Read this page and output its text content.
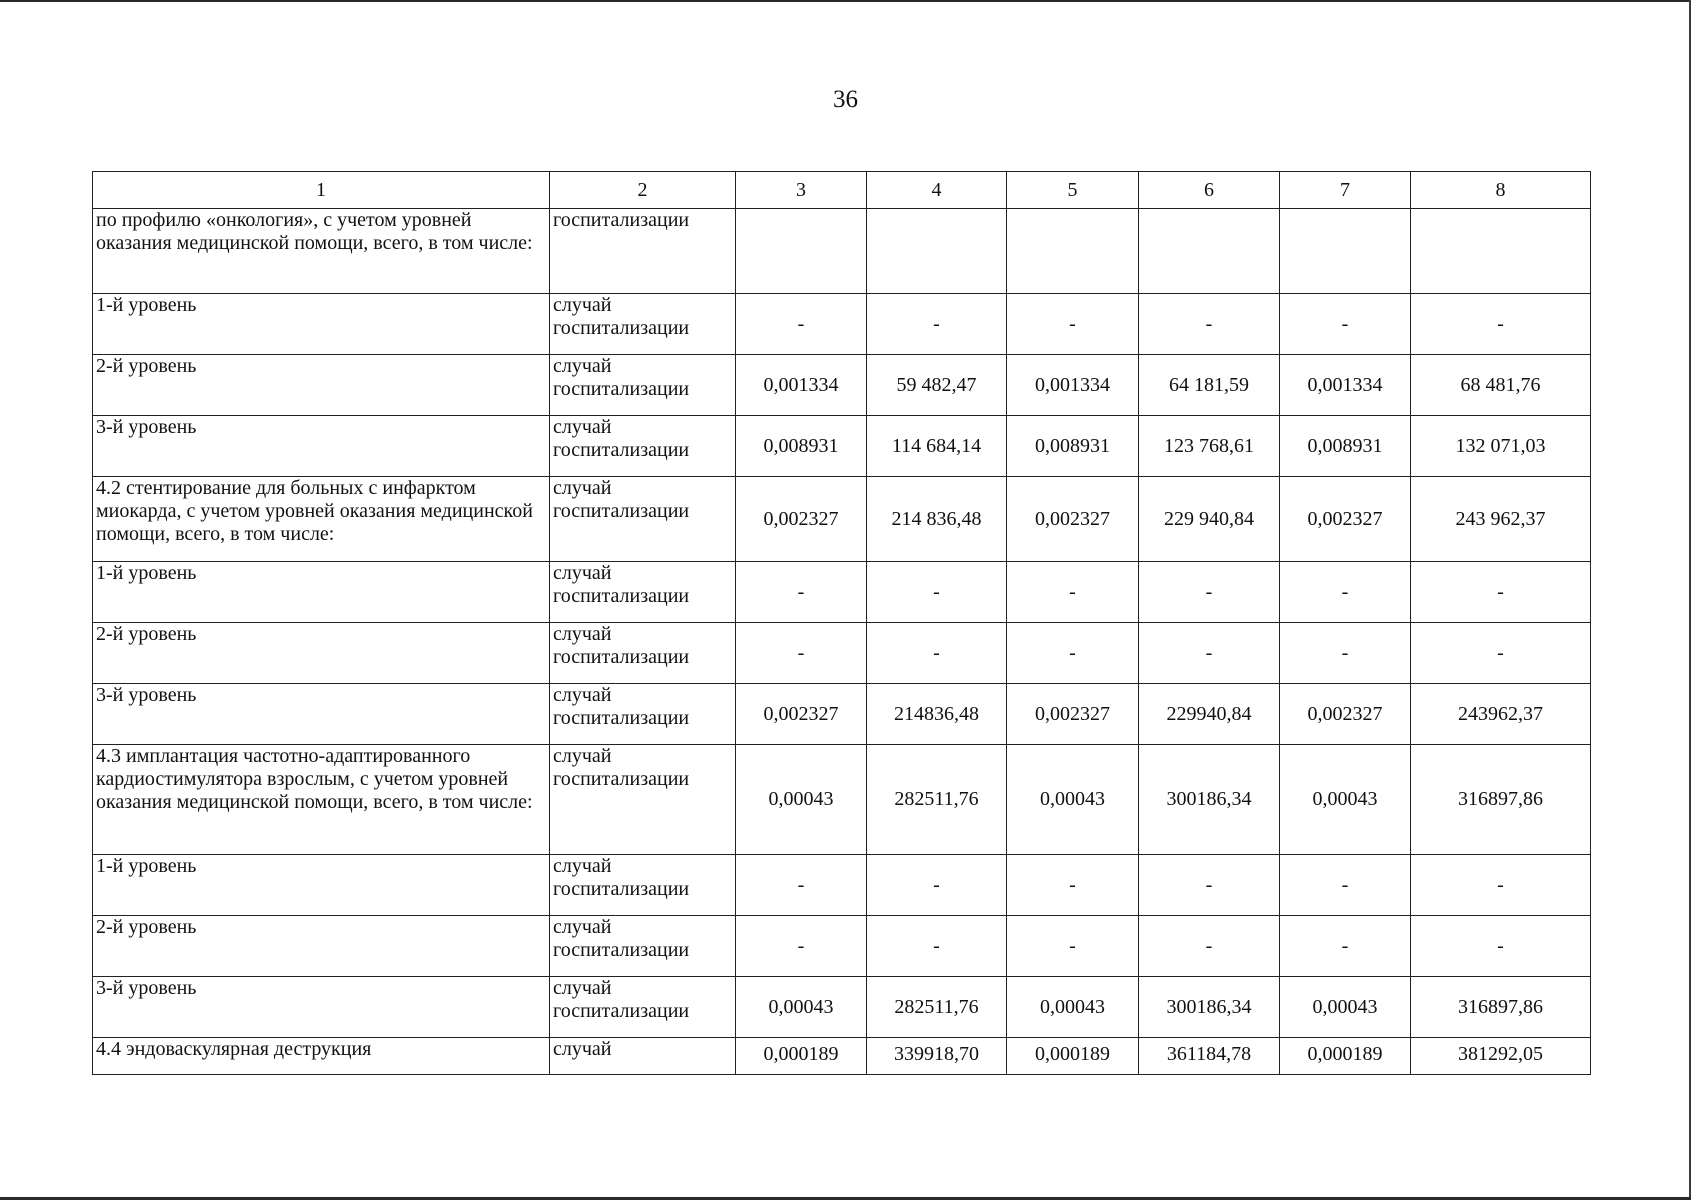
36
1	2	3	4	5	6	7	8
по профилю «онкология», с учетом уровней оказания медицинской помощи, всего, в том числе:	госпитализации						
1-й уровень	случай госпитализации	-	-	-	-	-	-
2-й уровень	случай госпитализации	0,001334	59 482,47	0,001334	64 181,59	0,001334	68 481,76
3-й уровень	случай госпитализации	0,008931	114 684,14	0,008931	123 768,61	0,008931	132 071,03
4.2 стентирование для больных с инфарктом миокарда, с учетом уровней оказания медицинской помощи, всего, в том числе:	случай госпитализации	0,002327	214 836,48	0,002327	229 940,84	0,002327	243 962,37
1-й уровень	случай госпитализации	-	-	-	-	-	-
2-й уровень	случай госпитализации	-	-	-	-	-	-
3-й уровень	случай госпитализации	0,002327	214836,48	0,002327	229940,84	0,002327	243962,37
4.3 имплантация частотно-адаптированного кардиостимулятора взрослым, с учетом уровней оказания медицинской помощи, всего, в том числе:	случай госпитализации	0,00043	282511,76	0,00043	300186,34	0,00043	316897,86
1-й уровень	случай госпитализации	-	-	-	-	-	-
2-й уровень	случай госпитализации	-	-	-	-	-	-
3-й уровень	случай госпитализации	0,00043	282511,76	0,00043	300186,34	0,00043	316897,86
4.4 эндоваскулярная деструкция	случай	0,000189	339918,70	0,000189	361184,78	0,000189	381292,05
